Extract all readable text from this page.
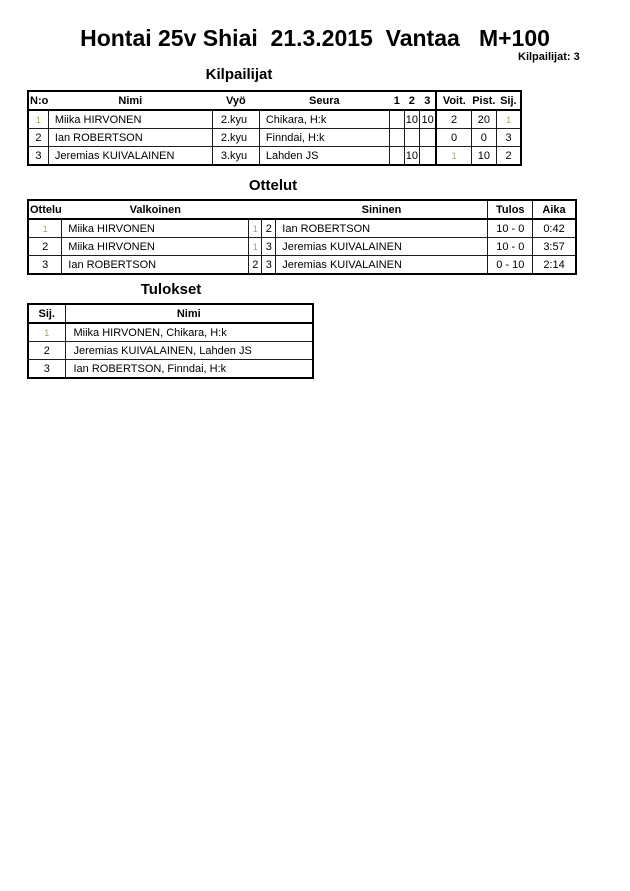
Hontai 25v Shiai  21.3.2015  Vantaa   M+100
Kilpailijat: 3
Kilpailijat
N:o	Nimi	Vyö	Seura	1	2	3	Voit.	Pist.	Sij.
1	Miika HIRVONEN	2.kyu	Chikara, H:k		10	10	2	20	1
2	Ian ROBERTSON	2.kyu	Finndai, H:k				0	0	3
3	Jeremias KUIVALAINEN	3.kyu	Lahden JS		10		1	10	2
Ottelut
Ottelu	Valkoinen			Sininen	Tulos	Aika
1	Miika HIRVONEN	1	2	Ian ROBERTSON	10 - 0	0:42
2	Miika HIRVONEN	1	3	Jeremias KUIVALAINEN	10 - 0	3:57
3	Ian ROBERTSON	2	3	Jeremias KUIVALAINEN	0 - 10	2:14
Tulokset
Sij.	Nimi
1	Miika HIRVONEN, Chikara, H:k
2	Jeremias KUIVALAINEN, Lahden JS
3	Ian ROBERTSON, Finndai, H:k
